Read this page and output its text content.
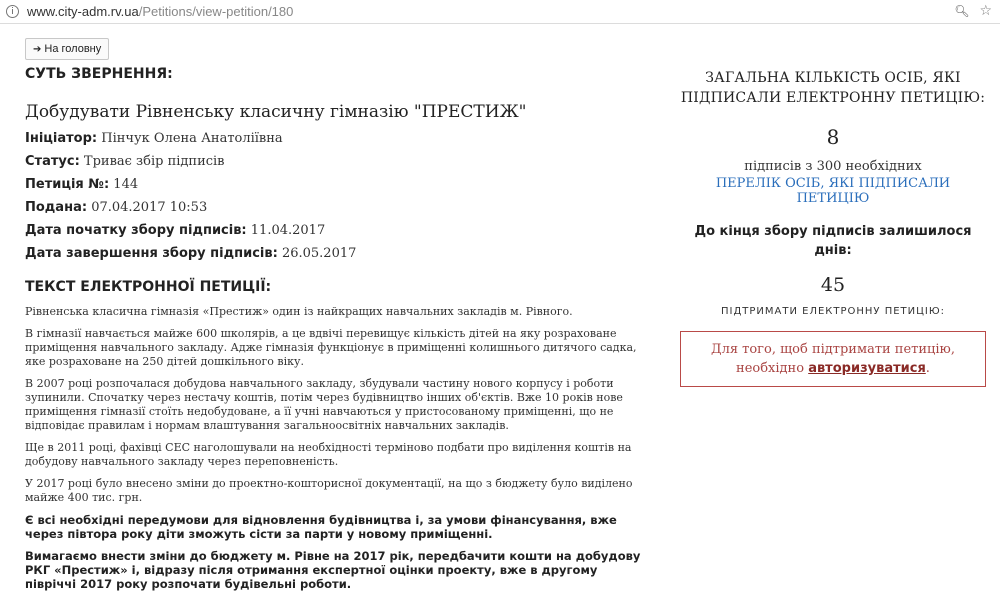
i	www.city-adm.rv.ua/Petitions/view-petition/180	🔍︎ ☆
➔ На головну
СУТЬ ЗВЕРНЕННЯ:
Добудувати Рівненську класичну гімназію "ПРЕСТИЖ"
Ініціатор: Пінчук Олена Анатоліївна
Статус: Триває збір підписів
Петиція №: 144
Подана: 07.04.2017 10:53
Дата початку збору підписів: 11.04.2017
Дата завершення збору підписів: 26.05.2017
ТЕКСТ ЕЛЕКТРОННОЇ ПЕТИЦІЇ:

Рівненська класична гімназія «Престиж» один із найкращих навчальних закладів м. Рівного.

В гімназії навчається майже 600 школярів, а це вдвічі перевищує кількість дітей на яку розраховане приміщення навчального закладу. Адже гімназія функціонує в приміщенні колишнього дитячого садка, яке розраховане на 250 дітей дошкільного віку.

В 2007 році розпочалася добудова навчального закладу, збудували частину нового корпусу і роботи зупинили. Спочатку через нестачу коштів, потім через будівництво інших об'єктів. Вже 10 років нове приміщення гімназії стоїть недобудоване, а її учні навчаються у пристосованому приміщенні, що не відповідає правилам і нормам влаштування загальноосвітніх навчальних закладів.

Ще в 2011 році, фахівці СЕС наголошували на необхідності терміново подбати про виділення коштів на добудову навчального закладу через переповненість.

У 2017 році було внесено зміни до проектно-кошторисної документації, на що з бюджету було виділено майже 400 тис. грн.

Є всі необхідні передумови для відновлення будівництва і, за умови фінансування, вже через півтора року діти зможуть сісти за парти у новому приміщенні.

Вимагаємо внести зміни до бюджету м. Рівне на 2017 рік, передбачити кошти на добудову РКГ «Престиж» і, відразу після отримання експертної оцінки проекту, вже в другому півріччі 2017 року розпочати будівельні роботи.

ЗАГАЛЬНА КІЛЬКІСТЬ ОСІБ, ЯКІ ПІДПИСАЛИ ЕЛЕКТРОННУ ПЕТИЦІЮ:
8
підписів з 300 необхідних
ПЕРЕЛІК ОСІБ, ЯКІ ПІДПИСАЛИ ПЕТИЦІЮ
До кінця збору підписів залишилося днів:
45
ПІДТРИМАТИ ЕЛЕКТРОННУ ПЕТИЦІЮ:
Для того, щоб підтримати петицію, необхідно авторизуватися.
